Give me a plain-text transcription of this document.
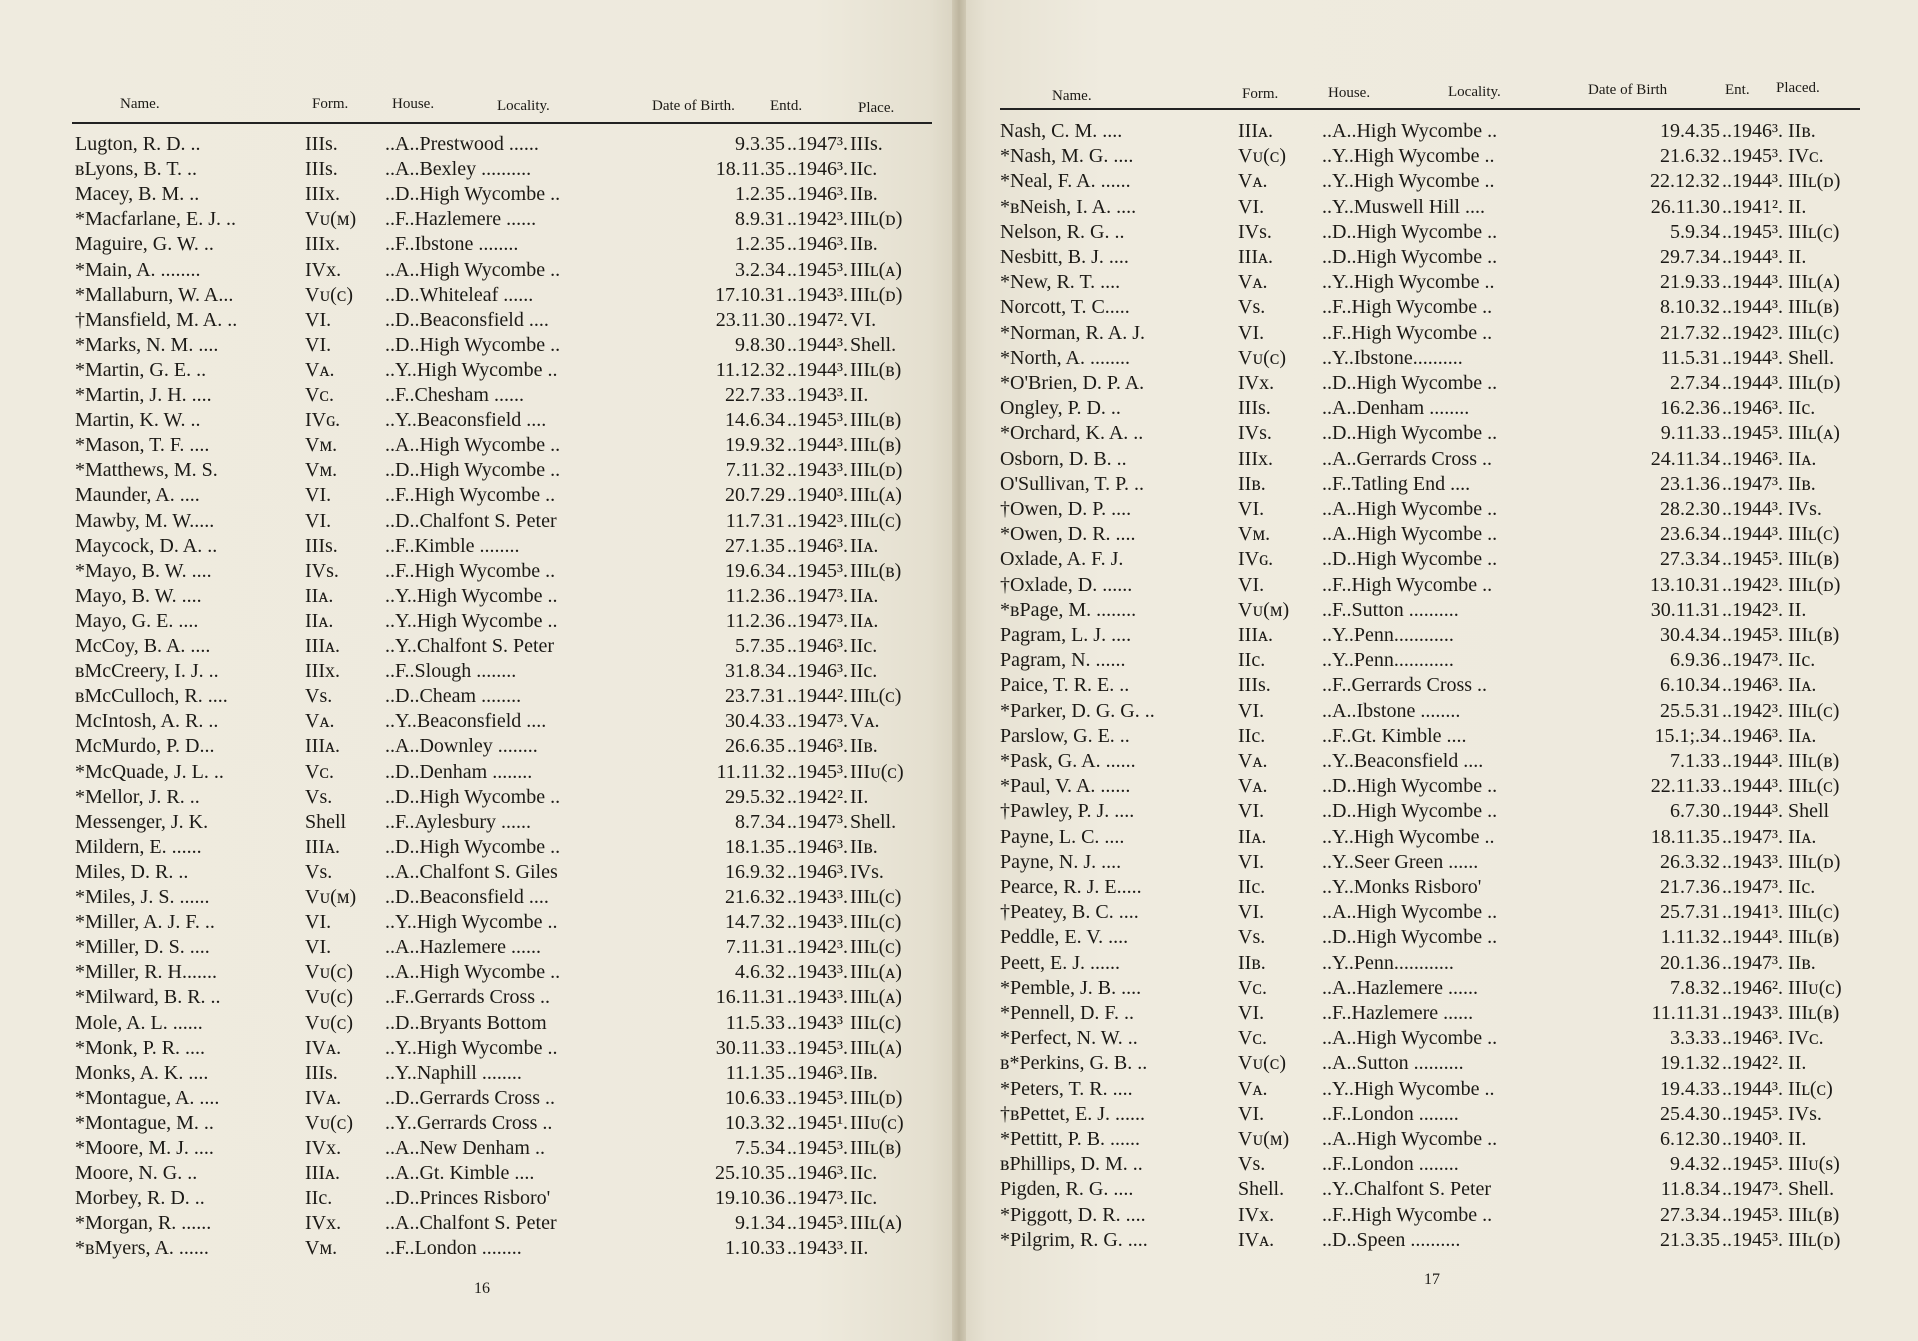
Name.	Form.	House.	Locality.	Date of Birth. Entd.	Place.
Lugton, R. D. ..	IIIs. ..A..Prestwood ......	9.3.35 ..1947³. IIIs.
ʙLyons, B. T. ..	IIIs. ..A..Bexley ..........	18.11.35 ..1946³. IIc.
Macey, B. M. ..	IIIx. ..D..High Wycombe ..	1.2.35 ..1946³. IIʙ.
*Macfarlane, E. J. ..	Vᴜ(ᴍ) ..F..Hazlemere ......	8.9.31 ..1942³. IIIʟ(ᴅ)
Maguire, G. W. ..	IIIx. ..F..Ibstone ........	1.2.35 ..1946³. IIʙ.
*Main, A. ........	IVx. ..A..High Wycombe ..	3.2.34 ..1945³. IIIʟ(ᴀ)
*Mallaburn, W. A...	Vᴜ(ᴄ) ..D..Whiteleaf ......	17.10.31 ..1943³. IIIʟ(ᴅ)
†Mansfield, M. A. ..	VI.	..D..Beaconsfield ....	23.11.30 ..1947². VI.
*Marks, N. M. ....	VI.	..D..High Wycombe ..	9.8.30 ..1944³. Shell.
*Martin, G. E. ..	Vᴀ.	..Y..High Wycombe ..	11.12.32 ..1944³. IIIʟ(ʙ)
*Martin, J. H. ....	Vᴄ.	..F..Chesham ......	22.7.33 ..1943³. II.
Martin, K. W. ..	IVɢ. ..Y..Beaconsfield ....	14.6.34 ..1945³. IIIʟ(ʙ)
*Mason, T. F. ....	Vᴍ. ..A..High Wycombe ..	19.9.32 ..1944³. IIIʟ(ʙ)
*Matthews, M. S.	Vᴍ. ..D..High Wycombe ..	7.11.32 ..1943³. IIIʟ(ᴅ)
Maunder, A. ....	VI.	..F..High Wycombe ..	20.7.29 ..1940³. IIIʟ(ᴀ)
Mawby, M. W.....	VI.	..D..Chalfont S. Peter	11.7.31 ..1942³. IIIʟ(ᴄ)
Maycock, D. A. ..	IIIs. ..F..Kimble ........	27.1.35 ..1946³. IIᴀ.
*Mayo, B. W. ....	IVs. ..F..High Wycombe ..	19.6.34 ..1945³. IIIʟ(ʙ)
Mayo, B. W. ....	IIᴀ.	..Y..High Wycombe ..	11.2.36 ..1947³. IIᴀ.
Mayo, G. E. ....	IIᴀ.	..Y..High Wycombe ..	11.2.36 ..1947³. IIᴀ.
McCoy, B. A. ....	IIIᴀ. ..Y..Chalfont S. Peter	5.7.35 ..1946³. IIc.
ʙMcCreery, I. J. ..	IIIx. ..F..Slough ........	31.8.34 ..1946³. IIc.
ʙMcCulloch, R. ....	Vs.	..D..Cheam ........	23.7.31 ..1944². IIIʟ(ᴄ)
McIntosh, A. R. ..	Vᴀ.	..Y..Beaconsfield ....	30.4.33 ..1947³. Vᴀ.
McMurdo, P. D...	IIIᴀ. ..A..Downley ........	26.6.35 ..1946³. IIʙ.
*McQuade, J. L. ..	Vᴄ.	..D..Denham ........	11.11.32 ..1945³. IIIᴜ(ᴄ)
*Mellor, J. R. ..	Vs.	..D..High Wycombe ..	29.5.32 ..1942². II.
Messenger, J. K.	Shell ..F..Aylesbury ......	8.7.34 ..1947³. Shell.
Mildern, E. ......	IIIᴀ. ..D..High Wycombe ..	18.1.35 ..1946³. IIʙ.
Miles, D. R. ..	Vs.	..A..Chalfont S. Giles	16.9.32 ..1946³. IVs.
*Miles, J. S. ......	Vᴜ(ᴍ) ..D..Beaconsfield ....	21.6.32 ..1943³. IIIʟ(ᴄ)
*Miller, A. J. F. ..	VI.	..Y..High Wycombe ..	14.7.32 ..1943³. IIIʟ(ᴄ)
*Miller, D. S. ....	VI.	..A..Hazlemere ......	7.11.31 ..1942³. IIIʟ(ᴄ)
*Miller, R. H.......	Vᴜ(ᴄ) ..A..High Wycombe ..	4.6.32 ..1943³. IIIʟ(ᴀ)
*Milward, B. R. ..	Vᴜ(ᴄ) ..F..Gerrards Cross ..	16.11.31 ..1943³. IIIʟ(ᴀ)
Mole, A. L. ......	Vᴜ(ᴄ) ..D..Bryants Bottom	11.5.33 ..1943³ IIIʟ(ᴄ)
*Monk, P. R. ....	IVᴀ. ..Y..High Wycombe ..	30.11.33 ..1945³. IIIʟ(ᴀ)
Monks, A. K. ....	IIIs. ..Y..Naphill ........	11.1.35 ..1946³. IIʙ.
*Montague, A. ....	IVᴀ. ..D..Gerrards Cross ..	10.6.33 ..1945³. IIIʟ(ᴅ)
*Montague, M. ..	Vᴜ(ᴄ) ..Y..Gerrards Cross ..	10.3.32 ..1945¹. IIIᴜ(ᴄ)
*Moore, M. J. ....	IVx. ..A..New Denham ..	7.5.34 ..1945³. IIIʟ(ʙ)
Moore, N. G. ..	IIIᴀ. ..A..Gt. Kimble ....	25.10.35 ..1946³. IIc.
Morbey, R. D. ..	IIc.	..D..Princes Risboro'	19.10.36 ..1947³. IIc.
*Morgan, R. ......	IVx. ..A..Chalfont S. Peter	9.1.34 ..1945³. IIIʟ(ᴀ)
*ʙMyers, A. ......	Vᴍ. ..F..London ........	1.10.33 ..1943³. II.
16
Name.	Form.	House.	Locality.	Date of Birth	Ent. Placed.
Nash, C. M. ....	IIIᴀ. ..A..High Wycombe ..	19.4.35 ..1946³. IIʙ.
*Nash, M. G. ....	Vᴜ(ᴄ) ..Y..High Wycombe ..	21.6.32 ..1945³. IVᴄ.
*Neal, F. A. ......	Vᴀ.	..Y..High Wycombe ..	22.12.32 ..1944³. IIIʟ(ᴅ)
*ʙNeish, I. A. ....	VI.	..Y..Muswell Hill ....	26.11.30 ..1941². II.
Nelson, R. G. ..	IVs.	..D..High Wycombe ..	5.9.34 ..1945³. IIIʟ(ᴄ)
Nesbitt, B. J. ....	IIIᴀ. ..D..High Wycombe ..	29.7.34 ..1944³. II.
*New, R. T. ....	Vᴀ.	..Y..High Wycombe ..	21.9.33 ..1944³. IIIʟ(ᴀ)
Norcott, T. C.....	Vs.	..F..High Wycombe ..	8.10.32 ..1944³. IIIʟ(ʙ)
*Norman, R. A. J.	VI.	..F..High Wycombe ..	21.7.32 ..1942³. IIIʟ(ᴄ)
*North, A. ........	Vᴜ(ᴄ) ..Y..Ibstone..........	11.5.31 ..1944³. Shell.
*O'Brien, D. P. A.	IVx. ..D..High Wycombe ..	2.7.34 ..1944³. IIIʟ(ᴅ)
Ongley, P. D. ..	IIIs.	..A..Denham ........	16.2.36 ..1946³. IIc.
*Orchard, K. A. ..	IVs.	..D..High Wycombe ..	9.11.33 ..1945³. IIIʟ(ᴀ)
Osborn, D. B. ..	IIIx. ..A..Gerrards Cross ..	24.11.34 ..1946³. IIᴀ.
O'Sullivan, T. P. ..	IIʙ.	..F..Tatling End ....	23.1.36 ..1947³. IIʙ.
†Owen, D. P. ....	VI.	..A..High Wycombe ..	28.2.30 ..1944³. IVs.
*Owen, D. R. ....	Vᴍ.	..A..High Wycombe ..	23.6.34 ..1944³. IIIʟ(ᴄ)
Oxlade, A. F. J.	IVɢ. ..D..High Wycombe ..	27.3.34 ..1945³. IIIʟ(ʙ)
†Oxlade, D. ......	VI.	..F..High Wycombe ..	13.10.31 ..1942³. IIIʟ(ᴅ)
*ʙPage, M. ........	Vᴜ(ᴍ) ..F..Sutton ..........	30.11.31 ..1942³. II.
Pagram, L. J. ....	IIIᴀ. ..Y..Penn............	30.4.34 ..1945³. IIIʟ(ʙ)
Pagram, N. ......	IIc.	..Y..Penn............	6.9.36 ..1947³. IIc.
Paice, T. R. E. ..	IIIs.	..F..Gerrards Cross ..	6.10.34 ..1946³. IIᴀ.
*Parker, D. G. G. ..	VI.	..A..Ibstone ........	25.5.31 ..1942³. IIIʟ(ᴄ)
Parslow, G. E. ..	IIc.	..F..Gt. Kimble ....	15.1;.34 ..1946³. IIᴀ.
*Pask, G. A. ......	Vᴀ.	..Y..Beaconsfield ....	7.1.33 ..1944³. IIIʟ(ʙ)
*Paul, V. A. ......	Vᴀ.	..D..High Wycombe ..	22.11.33 ..1944³. IIIʟ(ᴄ)
†Pawley, P. J. ....	VI.	..D..High Wycombe ..	6.7.30 ..1944³. Shell
Payne, L. C. ....	IIᴀ.	..Y..High Wycombe ..	18.11.35 ..1947³. IIᴀ.
Payne, N. J. ....	VI.	..Y..Seer Green ......	26.3.32 ..1943³. IIIʟ(ᴅ)
Pearce, R. J. E.....	IIc.	..Y..Monks Risboro'	21.7.36 ..1947³. IIc.
†Peatey, B. C. ....	VI.	..A..High Wycombe ..	25.7.31 ..1941³. IIIʟ(ᴄ)
Peddle, E. V. ....	Vs.	..D..High Wycombe ..	1.11.32 ..1944³. IIIʟ(ʙ)
Peett, E. J. ......	IIʙ.	..Y..Penn............	20.1.36 ..1947³. IIʙ.
*Pemble, J. B. ....	Vᴄ.	..A..Hazlemere ......	7.8.32 ..1946². IIIᴜ(ᴄ)
*Pennell, D. F. ..	VI.	..F..Hazlemere ......	11.11.31 ..1943³. IIIʟ(ʙ)
*Perfect, N. W. ..	Vᴄ.	..A..High Wycombe ..	3.3.33 ..1946³. IVᴄ.
ʙ*Perkins, G. B. ..	Vᴜ(ᴄ) ..A..Sutton ..........	19.1.32 ..1942². II.
*Peters, T. R. ....	Vᴀ.	..Y..High Wycombe ..	19.4.33 ..1944³. IIʟ(ᴄ)
†ʙPettet, E. J. ......	VI.	..F..London ........	25.4.30 ..1945³. IVs.
*Pettitt, P. B. ......	Vᴜ(ᴍ) ..A..High Wycombe ..	6.12.30 ..1940³. II.
ʙPhillips, D. M. ..	Vs.	..F..London ........	9.4.32 ..1945³. IIIᴜ(s)
Pigden, R. G. ....	Shell. ..Y..Chalfont S. Peter	11.8.34 ..1947³. Shell.
*Piggott, D. R. ....	IVx. ..F..High Wycombe ..	27.3.34 ..1945³. IIIʟ(ʙ)
*Pilgrim, R. G. ....	IVᴀ. ..D..Speen ..........	21.3.35 ..1945³. IIIʟ(ᴅ)
17
